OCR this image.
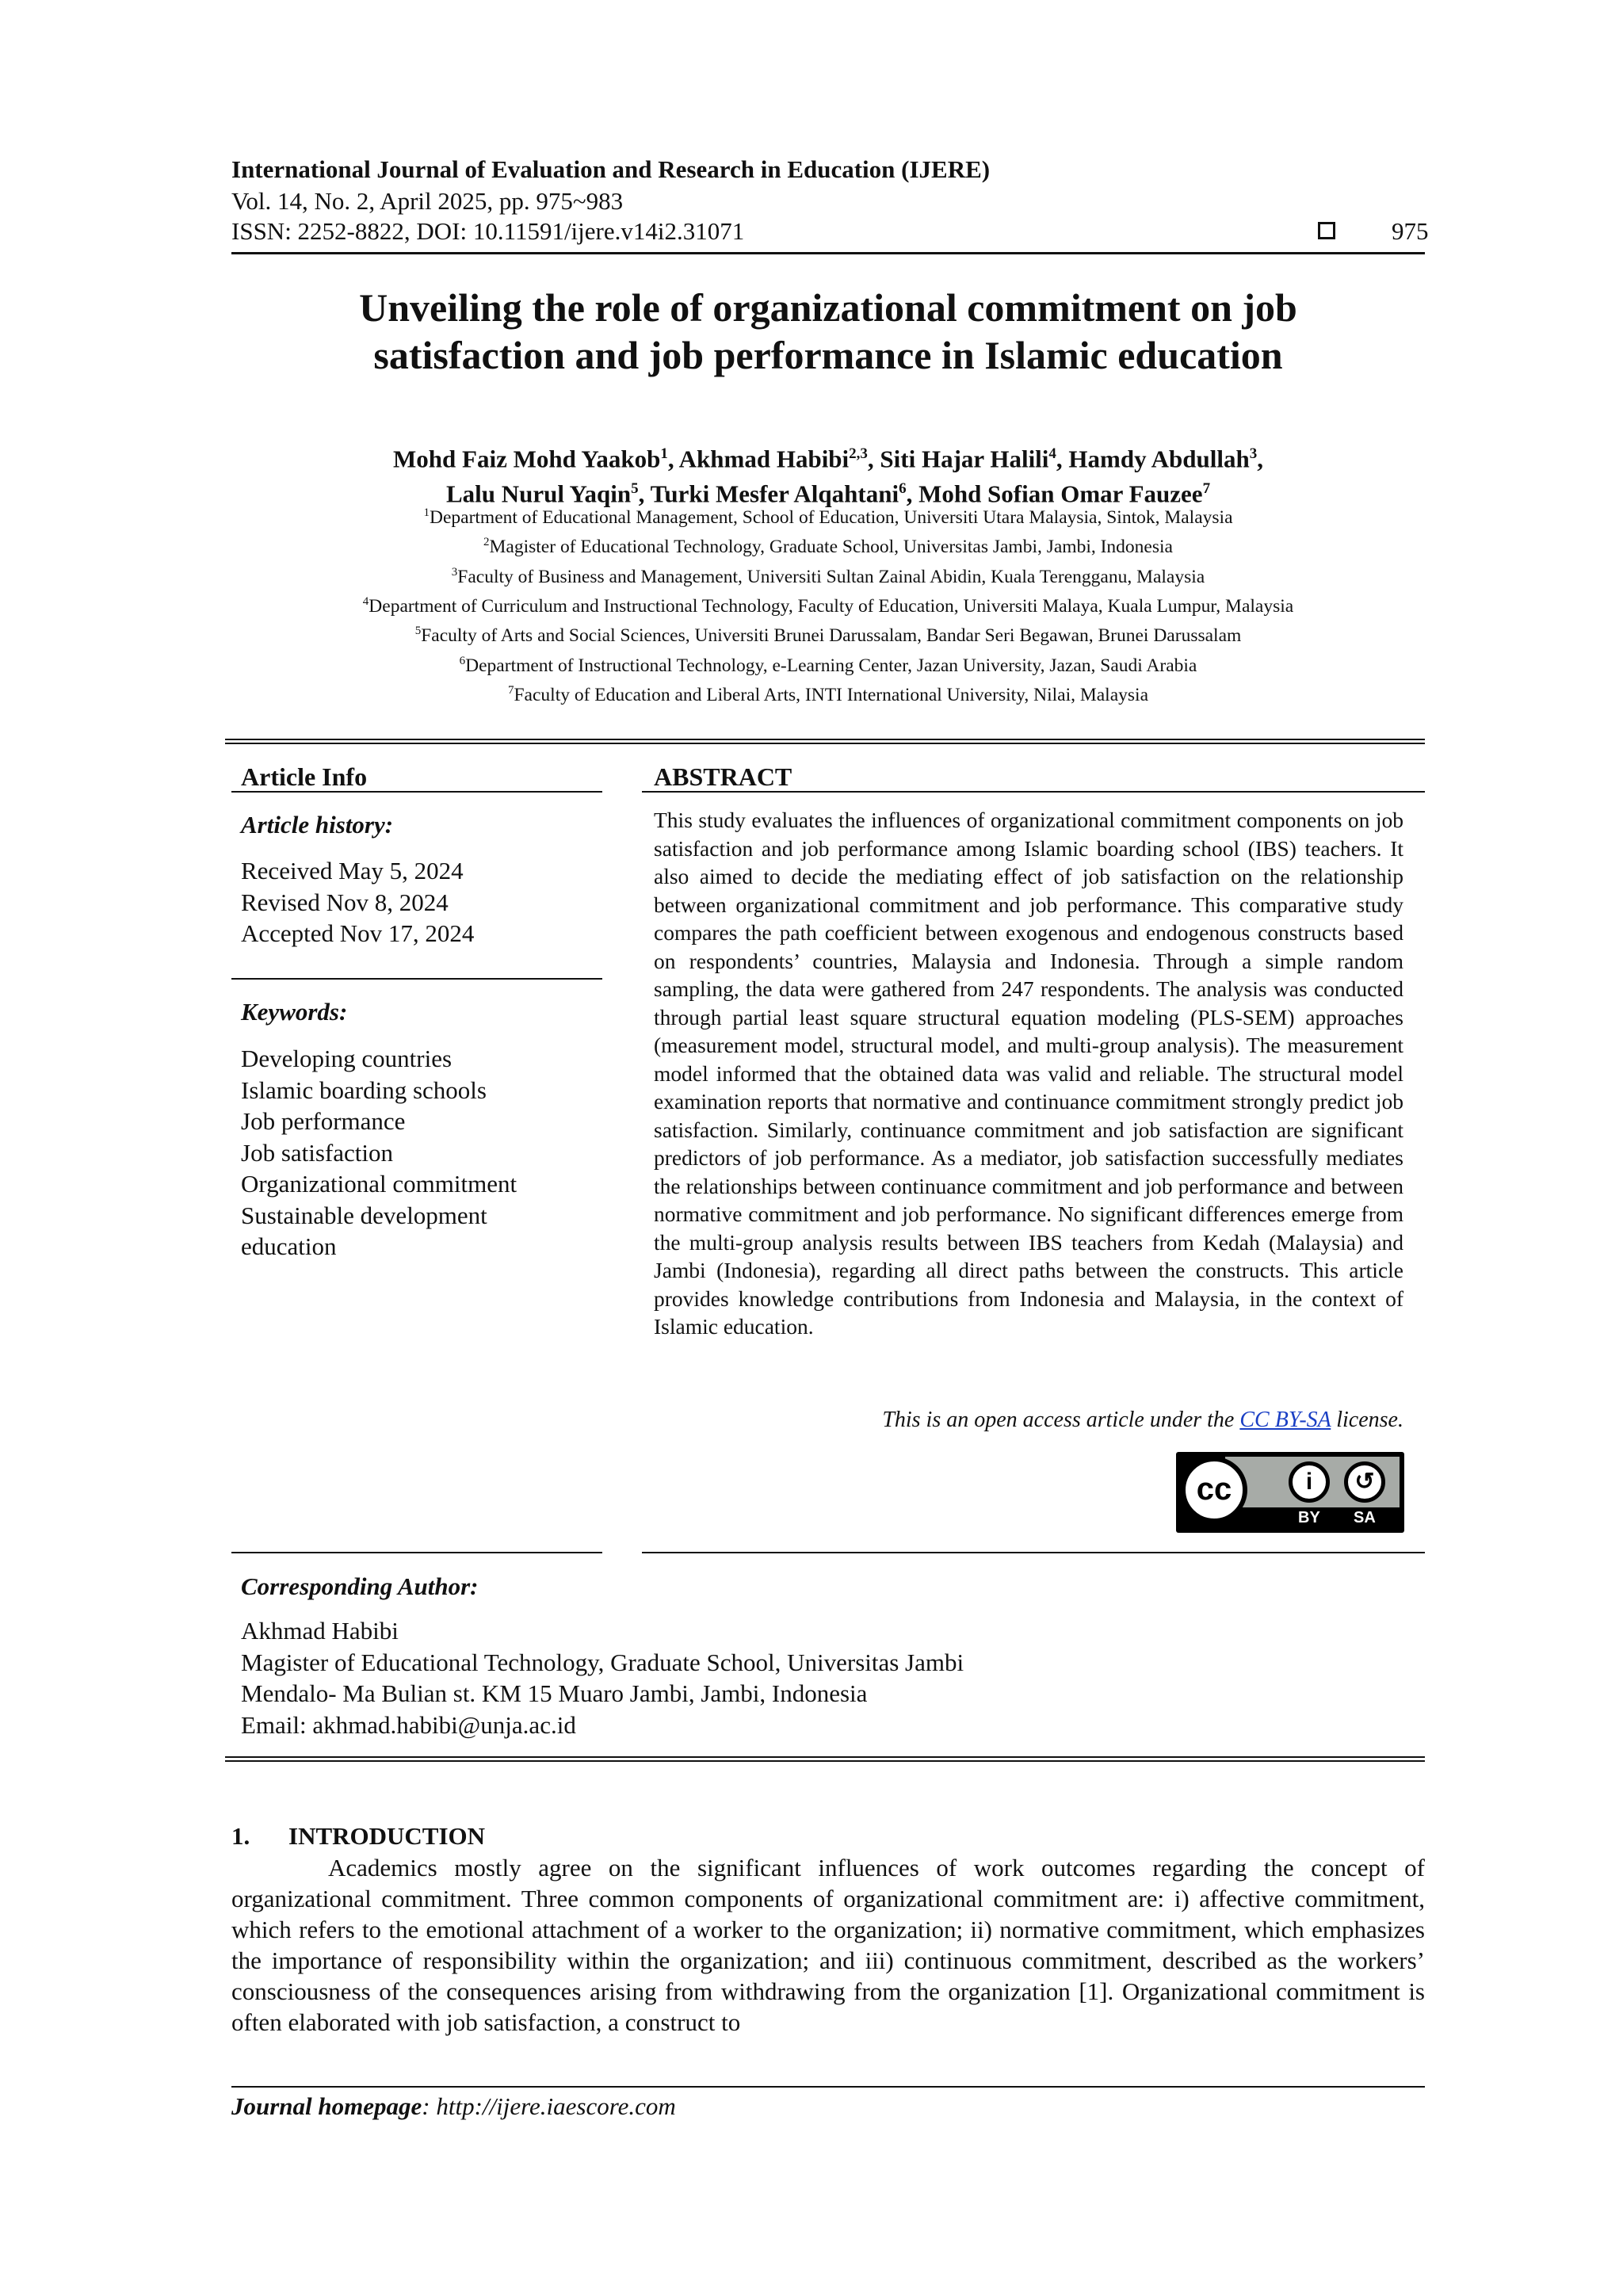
International Journal of Evaluation and Research in Education (IJERE)
Vol. 14, No. 2, April 2025, pp. 975~983
ISSN: 2252-8822, DOI: 10.11591/ijere.v14i2.31071	975
Unveiling the role of organizational commitment on job
satisfaction and job performance in Islamic education
Mohd Faiz Mohd Yaakob$^1$, Akhmad Habibi$^{2,3}$, Siti Hajar Halili$^4$, Hamdy Abdullah$^3$,
Lalu Nurul Yaqin$^5$, Turki Mesfer Alqahtani$^6$, Mohd Sofian Omar Fauzee$^7$
$^1$Department of Educational Management, School of Education, Universiti Utara Malaysia, Sintok, Malaysia
$^2$Magister of Educational Technology, Graduate School, Universitas Jambi, Jambi, Indonesia
$^3$Faculty of Business and Management, Universiti Sultan Zainal Abidin, Kuala Terengganu, Malaysia
$^4$Department of Curriculum and Instructional Technology, Faculty of Education, Universiti Malaya, Kuala Lumpur, Malaysia
$^5$Faculty of Arts and Social Sciences, Universiti Brunei Darussalam, Bandar Seri Begawan, Brunei Darussalam
$^6$Department of Instructional Technology, e-Learning Center, Jazan University, Jazan, Saudi Arabia
$^7$Faculty of Education and Liberal Arts, INTI International University, Nilai, Malaysia
Article Info
Article history:
Received May 5, 2024
Revised Nov 8, 2024
Accepted Nov 17, 2024
Keywords:
Developing countries
Islamic boarding schools
Job performance
Job satisfaction
Organizational commitment
Sustainable development
education
ABSTRACT
This study evaluates the influences of organizational commitment components on job satisfaction and job performance among Islamic boarding school (IBS) teachers. It also aimed to decide the mediating effect of job satisfaction on the relationship between organizational commitment and job performance. This comparative study compares the path coefficient between exogenous and endogenous constructs based on respondents’ countries, Malaysia and Indonesia. Through a simple random sampling, the data were gathered from 247 respondents. The analysis was conducted through partial least square structural equation modeling (PLS-SEM) approaches (measurement model, structural model, and multi-group analysis). The measurement model informed that the obtained data was valid and reliable. The structural model examination reports that normative and continuance commitment strongly predict job satisfaction. Similarly, continuance commitment and job satisfaction are significant predictors of job performance. As a mediator, job satisfaction successfully mediates the relationships between continuance commitment and job performance and between normative commitment and job performance. No significant differences emerge from the multi-group analysis results between IBS teachers from Kedah (Malaysia) and Jambi (Indonesia), regarding all direct paths between the constructs. This article provides knowledge contributions from Indonesia and Malaysia, in the context of Islamic education.
This is an open access article under the CC BY-SA license.
cc	i	↺
BY SA
Corresponding Author:
Akhmad Habibi
Magister of Educational Technology, Graduate School, Universitas Jambi
Mendalo- Ma Bulian st. KM 15 Muaro Jambi, Jambi, Indonesia
Email: akhmad.habibi@unja.ac.id
1. INTRODUCTION
Academics mostly agree on the significant influences of work outcomes regarding the concept of organizational commitment. Three common components of organizational commitment are: i) affective commitment, which refers to the emotional attachment of a worker to the organization; ii) normative commitment, which emphasizes the importance of responsibility within the organization; and iii) continuous commitment, described as the workers’ consciousness of the consequences arising from withdrawing from the organization [1]. Organizational commitment is often elaborated with job satisfaction, a construct to
Journal homepage: http://ijere.iaescore.com
